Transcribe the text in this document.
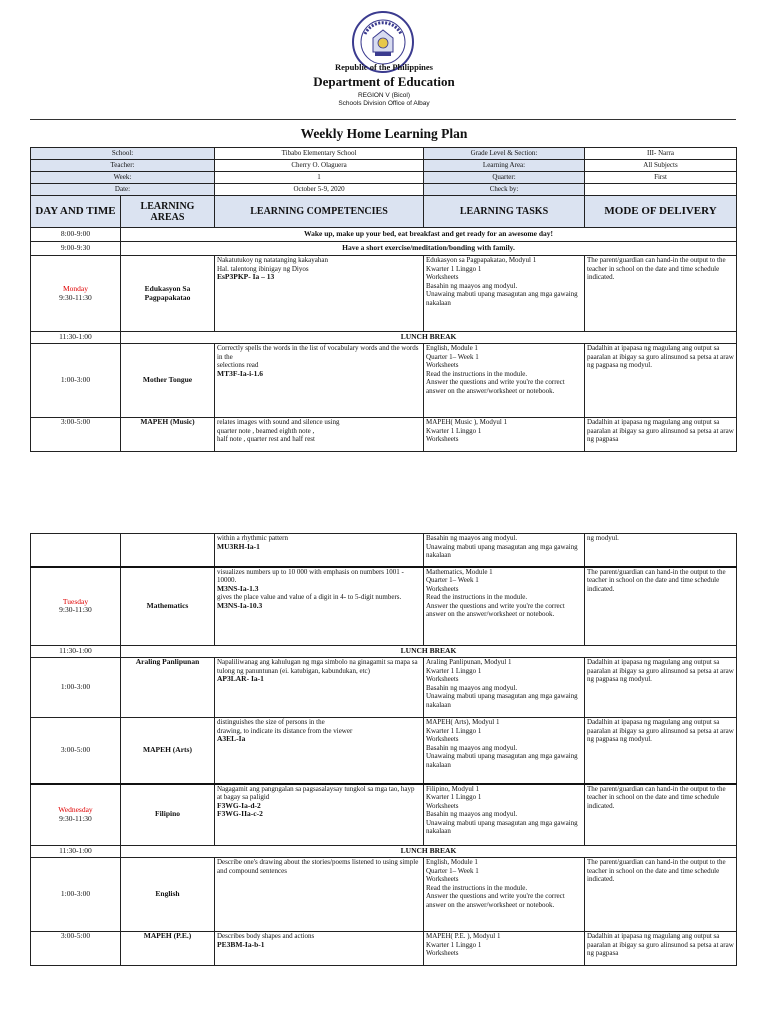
Republic of the Philippines
Department of Education
REGION V (Bicol)
Schools Division Office of Albay
Weekly Home Learning Plan
School:		Tibabo Elementary School	Grade Level & Section:	III- Narra
Teacher:		Cherry O. Olaguera	Learning Area:	All Subjects
Week:		1	Quarter:	First
Date:		October 5-9, 2020	Check by:	
DAY AND TIME	LEARNING AREAS	LEARNING COMPETENCIES	LEARNING TASKS	MODE OF DELIVERY
8:00-9:00	Wake up, make up your bed, eat breakfast and get ready for an awesome day!			
9:00-9:30	Have a short exercise/meditation/bonding with family.			

Monday
9:30-11:30	Edukasyon Sa Pagpapakatao	Nakatutukoy ng natatanging kakayahan
Hal. talentong ibinigay ng Diyos
EsP3PKP- Ia – 13	Edukasyon sa Pagpapakatao, Modyul 1
Kwarter 1 Linggo 1
Worksheets
Basahin ng maayos ang modyul.
Unawaing mabuti upang masagutan ang mga gawaing nakalaan	The parent/guardian can hand-in the output to the teacher in school on the date and time schedule indicated.
11:30-1:00	LUNCH BREAK			
1:00-3:00	Mother Tongue	Correctly spells the words in the list of vocabulary words and the words in the
selections read
MT3F-Ia-i-1.6	English, Module 1
Quarter 1– Week 1
Worksheets
Read the instructions in the module.
Answer the questions and write you're the correct answer on the answer/worksheet or notebook.	Dadalhin at ipapasa ng magulang ang output sa paaralan at ibigay sa guro alinsunod sa petsa at araw ng pagpasa ng modyul.
3:00-5:00	MAPEH (Music)	relates images with sound and silence using
quarter note , beamed eighth note ,
half note , quarter rest and half rest	MAPEH( Music ), Modyul 1
Kwarter 1 Linggo 1
Worksheets	Dadalhin at ipapasa ng magulang ang output sa paaralan at ibigay sa guro alinsunod sa petsa at araw ng pagpasa
		within a rhythmic pattern
MU3RH-Ia-1	Basahin ng maayos ang modyul.
Unawaing mabuti upang masagutan ang mga gawaing nakalaan	ng modyul.

Tuesday
9:30-11:30	Mathematics	visualizes numbers up to 10 000 with emphasis on numbers 1001 - 10000.
M3NS-Ia-1.3
gives the place value and value of a digit in 4- to 5-digit numbers.
M3NS-Ia-10.3	Mathematics, Module 1
Quarter 1– Week 1
Worksheets
Read the instructions in the module.
Answer the questions and write you're the correct answer on the answer/worksheet or notebook.	The parent/guardian can hand-in the output to the teacher in school on the date and time schedule indicated.
11:30-1:00	LUNCH BREAK			
1:00-3:00	Araling Panlipunan	Napaliliwanag ang kahulugan ng mga simbolo na ginagamit sa mapa sa tulong ng panuntunan (ei. katubigan, kabundukan, etc)
AP3LAR- Ia-1	Araling Panlipunan, Modyul 1
Kwarter 1 Linggo 1
Worksheets
Basahin ng maayos ang modyul.
Unawaing mabuti upang masagutan ang mga gawaing nakalaan	Dadalhin at ipapasa ng magulang ang output sa paaralan at ibigay sa guro alinsunod sa petsa at araw ng pagpasa ng modyul.
3:00-5:00	MAPEH (Arts)	distinguishes the size of persons in the
drawing, to indicate its distance from the viewer
A3EL-Ia	MAPEH( Arts), Modyul 1
Kwarter 1 Linggo 1
Worksheets
Basahin ng maayos ang modyul.
Unawaing mabuti upang masagutan ang mga gawaing nakalaan	Dadalhin at ipapasa ng magulang ang output sa paaralan at ibigay sa guro alinsunod sa petsa at araw ng pagpasa ng modyul.

Wednesday
9:30-11:30	Filipino	Nagagamit ang pangngalan sa pagsasalaysay tungkol sa mga tao, hayp
at bagay sa paligid
F3WG-Ia-d-2
F3WG-IIa-c-2	Filipino, Modyul 1
Kwarter 1 Linggo 1
Worksheets
Basahin ng maayos ang modyul.
Unawaing mabuti upang masagutan ang mga gawaing nakalaan	The parent/guardian can hand-in the output to the teacher in school on the date and time schedule indicated.
11:30-1:00	LUNCH BREAK			
1:00-3:00	English	Describe one's drawing about the stories/poems listened to using simple and compound sentences	English, Module 1
Quarter 1– Week 1
Worksheets
Read the instructions in the module.
Answer the questions and write you're the correct answer on the answer/worksheet or notebook.	The parent/guardian can hand-in the output to the teacher in school on the date and time schedule indicated.
3:00-5:00	MAPEH (P.E.)	Describes body shapes and actions
PE3BM-Ia-b-1	MAPEH( P.E. ), Modyul 1
Kwarter 1 Linggo 1
Worksheets	Dadalhin at ipapasa ng magulang ang output sa paaralan at ibigay sa guro alinsunod sa petsa at araw ng pagpasa
